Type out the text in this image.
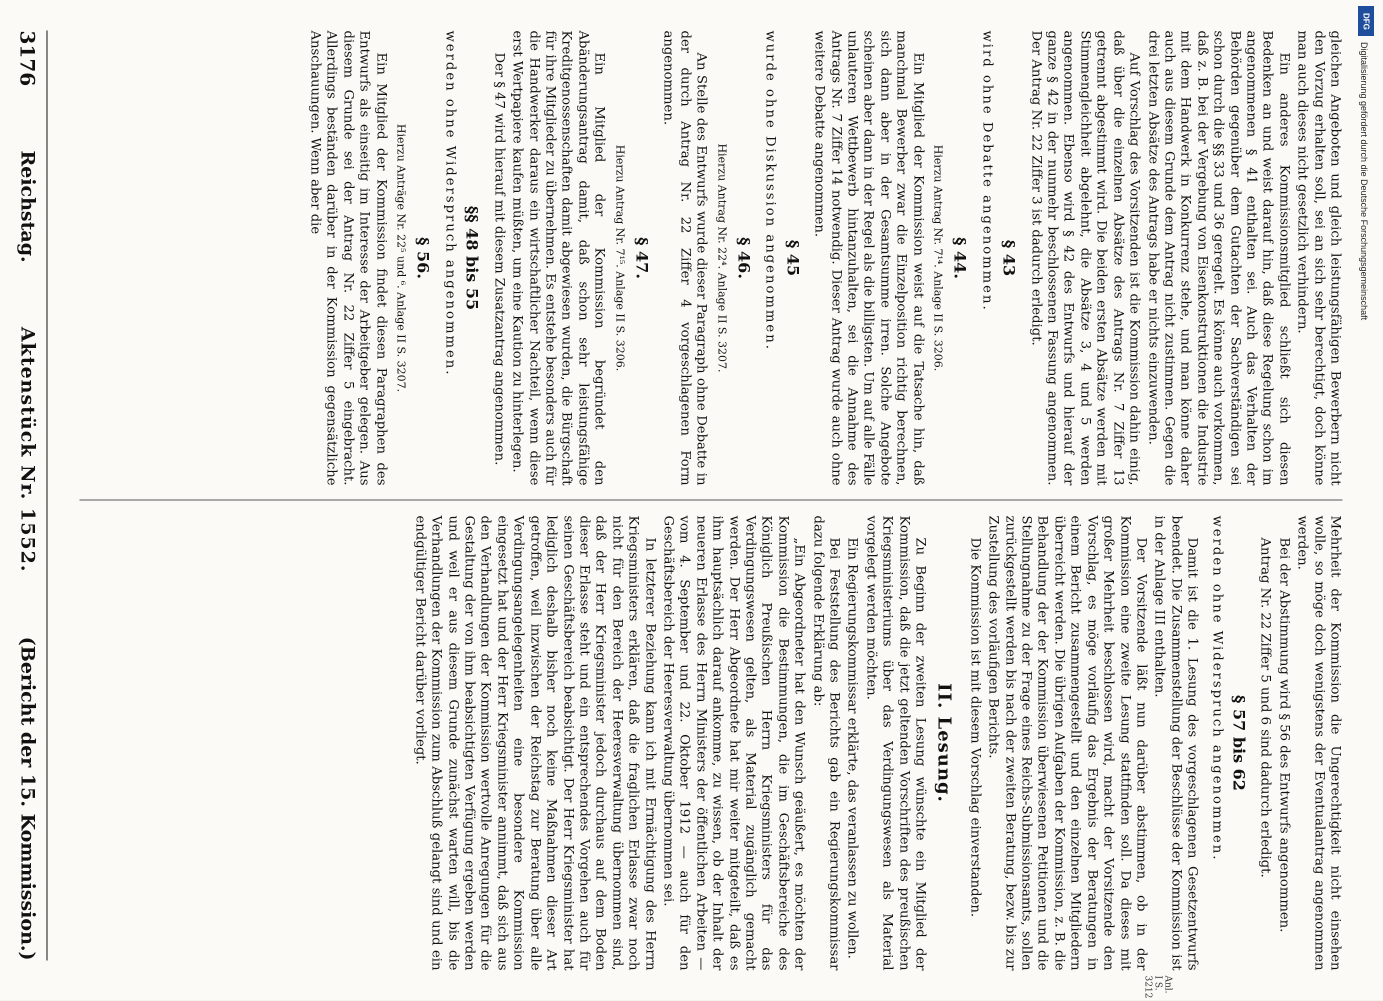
gleichen Angeboten und gleich leistungsfähigen Bewerbern nicht den Vorzug erhalten soll, sei an sich sehr berechtigt, doch könne man auch dieses nicht gesetzlich verhindern.

Ein anderes Kommissionsmitglied schließt sich diesen Bedenken an und weist darauf hin, daß diese Regelung schon im angenommenen § 41 enthalten sei. Auch das Verhalten der Behörden gegenüber dem Gutachten der Sachverständigen sei schon durch die §§ 33 und 36 geregelt. Es könne auch vorkommen, daß z. B. bei der Vergebung von Eisenkonstruktionen die Industrie mit dem Handwerk in Konkurrenz stehe, und man könne daher auch aus diesem Grunde dem Antrag nicht zustimmen. Gegen die drei letzten Absätze des Antrags habe er nichts einzuwenden.

Auf Vorschlag des Vorsitzenden ist die Kommission dahin einig, daß über die einzelnen Absätze des Antrags Nr. 7 Ziffer 13 getrennt abgestimmt wird. Die beiden ersten Absätze werden mit Stimmengleichheit abgelehnt, die Absätze 3, 4 und 5 werden angenommen. Ebenso wird § 42 des Entwurfs und hierauf der ganze § 42 in der nunmehr beschlossenen Fassung angenommen. Der Antrag Nr. 22 Ziffer 3 ist dadurch erledigt.

§ 43

wird ohne Debatte angenommen.

§ 44.

Hierzu Antrag Nr. 7¹⁴. Anlage II S. 3206.

Ein Mitglied der Kommission weist auf die Tatsache hin, daß manchmal Bewerber zwar die Einzelposition richtig berechnen, sich dann aber in der Gesamtsumme irren. Solche Angebote scheinen aber dann in der Regel als die billigsten. Um auf alle Fälle unlauteren Wettbewerb hintanzuhalten, sei die Annahme des Antrags Nr. 7 Ziffer 14 notwendig. Dieser Antrag wurde auch ohne weitere Debatte angenommen.

§ 45

wurde ohne Diskussion angenommen.

§ 46.

Hierzu Antrag Nr. 22⁴. Anlage II S. 3207.

An Stelle des Entwurfs wurde dieser Paragraph ohne Debatte in der durch Antrag Nr. 22 Ziffer 4 vorgeschlagenen Form angenommen.

§ 47.

Hierzu Antrag Nr. 7¹⁵. Anlage II S. 3206.

Ein Mitglied der Kommission begründet den Abänderungsantrag damit, daß schon sehr leistungsfähige Kreditgenossenschaften damit abgewiesen wurden, die Bürgschaft für ihre Mitglieder zu übernehmen. Es entstehe besonders auch für die Handwerker daraus ein wirtschaftlicher Nachteil, wenn diese erst Wertpapiere kaufen müßten, um eine Kaution zu hinterlegen.

Der § 47 wird hierauf mit diesem Zusatzantrag angenommen.

§§ 48 bis 55

werden ohne Widerspruch angenommen.

§ 56.

Hierzu Anträge Nr. 22⁵ und ⁶. Anlage II S. 3207.

Ein Mitglied der Kommission findet diesen Paragraphen des Entwurfs als einseitig im Interesse der Arbeitgeber gelegen. Aus diesem Grunde sei der Antrag Nr. 22 Ziffer 5 eingebracht. Allerdings beständen darüber in der Kommission gegensätzliche Anschauungen. Wenn aber die

Mehrheit der Kommission die Ungerechtigkeit nicht einsehen wolle, so möge doch wenigstens der Eventualantrag angenommen werden.

Bei der Abstimmung wird § 56 des Entwurfs angenommen.

Antrag Nr. 22 Ziffer 5 und 6 sind dadurch erledigt.

§ 57 bis 62

werden ohne Widerspruch angenommen.

Damit ist die 1. Lesung des vorgeschlagenen Gesetzentwurfs beendet. Die Zusammenstellung der Beschlüsse der Kommission ist in der Anlage III enthalten.

Der Vorsitzende läßt nun darüber abstimmen, ob in der Kommission eine zweite Lesung stattfinden soll. Da dieses mit großer Mehrheit beschlossen wird, macht der Vorsitzende den Vorschlag, es möge vorläufig das Ergebnis der Beratungen in einem Bericht zusammengestellt und den einzelnen Mitgliedern überreicht werden. Die übrigen Aufgaben der Kommission, z. B. die Behandlung der der Kommission überwiesenen Petitionen und die Stellungnahme zu der Frage eines Reichs-Submissionsamts, sollen zurückgestellt werden bis nach der zweiten Beratung, bezw. bis zur Zustellung des vorläufigen Berichts.

Die Kommission ist mit diesem Vorschlag einverstanden.

II. Lesung.

Zu Beginn der zweiten Lesung wünschte ein Mitglied der Kommission, daß die jetzt geltenden Vorschriften des preußischen Kriegsministeriums über das Verdingungswesen als Material vorgelegt werden möchten.

Ein Regierungskommissar erklärte, das veranlassen zu wollen.

Bei Feststellung des Berichts gab ein Regierungskommissar dazu folgende Erklärung ab:

„Ein Abgeordneter hat den Wunsch geäußert, es möchten der Kommission die Bestimmungen, die im Geschäftsbereiche des Königlich Preußischen Herrn Kriegsministers für das Verdingungswesen gelten, als Material zugänglich gemacht werden. Der Herr Abgeordnete hat mir weiter mitgeteilt, daß es ihm hauptsächlich darauf ankomme, zu wissen, ob der Inhalt der neueren Erlasse des Herrn Ministers der öffentlichen Arbeiten — vom 4. September und 22. Oktober 1912 — auch für den Geschäftsbereich der Heeresverwaltung übernommen sei.

In letzterer Beziehung kann ich mit Ermächtigung des Herrn Kriegsministers erklären, daß die fraglichen Erlasse zwar noch nicht für den Bereich der Heeresverwaltung übernommen sind, daß der Herr Kriegsminister jedoch durchaus auf dem Boden dieser Erlasse steht und ein entsprechendes Vorgehen auch für seinen Geschäftsbereich beabsichtigt. Der Herr Kriegsminister hat lediglich deshalb bisher noch keine Maßnahmen dieser Art getroffen, weil inzwischen der Reichstag zur Beratung über alle Verdingungsangelegenheiten eine besondere Kommission eingesetzt hat und der Herr Kriegsminister annimmt, daß sich aus den Verhandlungen der Kommission wertvolle Anregungen für die Gestaltung der von ihm beabsichtigten Verfügung ergeben werden und weil er aus diesem Grunde zunächst warten will, bis die Verhandlungen der Kommission zum Abschluß gelangt sind und ein endgültiger Bericht darüber vorliegt.

Anl. I S. 3212
3176
Reichstag.
Aktenstück Nr. 1552.
(Bericht der 15. Kommission.)
DFG
Digitalisierung gefördert durch die Deutsche Forschungsgemeinschaft
